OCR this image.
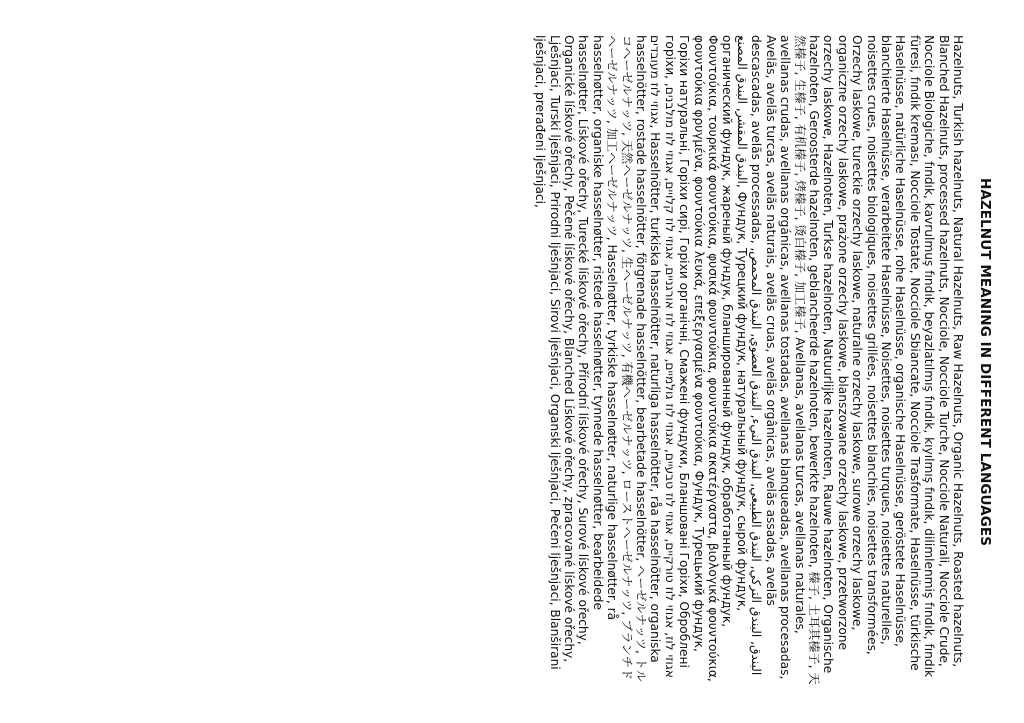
HAZELNUT MEANING IN DIFFERENT LANGUAGES

Hazelnuts, Turkish hazelnuts, Natural Hazelnuts, Raw Hazelnuts, Organic Hazelnuts, Roasted hazelnuts, Blanched Hazelnuts, processed hazelnuts, Nocciole, Nocciole Turche, Nocciole Naturali, Nocciole Crude, Nocciole Biologiche, fındık, kavrulmuş fındık, beyazlatılmış fındık, kıyılmış fındık, dilimlenmiş fındık, fındık füresi, fındık kreması, Nocciole Tostate, Nocciole Sbiancate, Nocciole Trasformate, Haselnüsse, türkische Haselnüsse, natürliche Haselnüsse, rohe Haselnüsse, organische Haselnüsse, geröstete Haselnüsse, blanchierte Haselnüsse, verarbeitete Haselnüsse, Noisettes, noisettes turques, noisettes naturelles, noisettes crues, noisettes biologiques, noisettes grillées, noisettes blanchies, noisettes transformées, Orzechy laskowe, tureckie orzechy laskowe, naturalne orzechy laskowe, surowe orzechy laskowe, organiczne orzechy laskowe, prażone orzechy laskowe, blanszowane orzechy laskowe, przetworzone orzechy laskowe, Hazelnoten, Turkse hazelnoten, Natuurlijke hazelnoten, Rauwe hazelnoten, Organische hazelnoten, Geroosterde hazelnoten, geblancheerde hazelnoten, bewerkte hazelnoten, 榛子, 土耳其榛子, 天然榛子, 生榛子, 有机榛子, 烤榛子, 烫白榛子, 加工榛子, Avellanas, avellanas turcas, avellanas naturales, avellanas crudas, avellanas orgánicas, avellanas tostadas, avellanas blanqueadas, avellanas procesadas, Avelãs, avelãs turcas, avelãs naturais, avelãs cruas, avelãs orgânicas, avelãs assadas, avelãs descascadas, avelãs processadas, البندق, البندق التركي, البندق الطبيعي, البندق النيء, البندق العضوي, البندق المحمص, البندق المقشر, البندق المصنع, Фундук, Турецкий фундук, натуральный фундук, сырой фундук, органический фундук, жареный фундук, бланшированный фундук, обработанный фундук, Φουντούκια, τουρκικά φουντούκια, φυσικά φουντούκια, φουντούκια ακατέργαστα, βιολογικά φουντούκια, φουντούκια φρυγμένα, φουντούκια λευκά, επεξεργασμένα φουντούκια, Фундук, Турецький фундук, Горіхи натуральні, Горіхи сирі, Горіхи органічні, Смажені фундуки, Бланшовані Горіхи, Оброблені горіхи, אגוזי לוז, אגוזי לוז טורקיים, אגוזי לוז טבעיים, אגוזי לוז גולמיים, אגוזי לוז אורגניים, אגוזי לוז קלויים, אגוזי לוז מולבנים, אגוזי לוז מעובדים, Hasselnötter, turkiska hasselnötter, naturliga hasselnötter, råa hasselnötter, organiska hasselnötter, rostade hasselnötter, förgrenade hasselnötter, bearbetade hasselnötter, ヘーゼルナッツ, トルコヘーゼルナッツ, 天然ヘーゼルナッツ, 生ヘーゼルナッツ, 有機ヘーゼルナッツ, ローストヘーゼルナッツ, ブランチドヘーゼルナッツ, 加工ヘーゼルナッツ, Hasselnøtter, tyrkiske hasselnøtter, naturlige hasselnøtter, rå hasselnøtter, organiske hasselnøtter, ristede hasselnøtter, tynnede hasselnøtter, bearbeidede hasselnøtter, Lískové ořechy, Turecké lískové ořechy, Přírodní lískové ořechy, Surové lískové ořechy, Organické lískové ořechy, Pečené lískové ořechy, Blanched Lískové ořechy, zpracované lískové ořechy, Lješnjaci, Turski lješnjaci, Prirodni lješnjaci, Sirovi lješnjaci, Organski lješnjaci, Pečeni lješnjaci, Blanširani lješnjaci, prerađeni lješnjaci,
